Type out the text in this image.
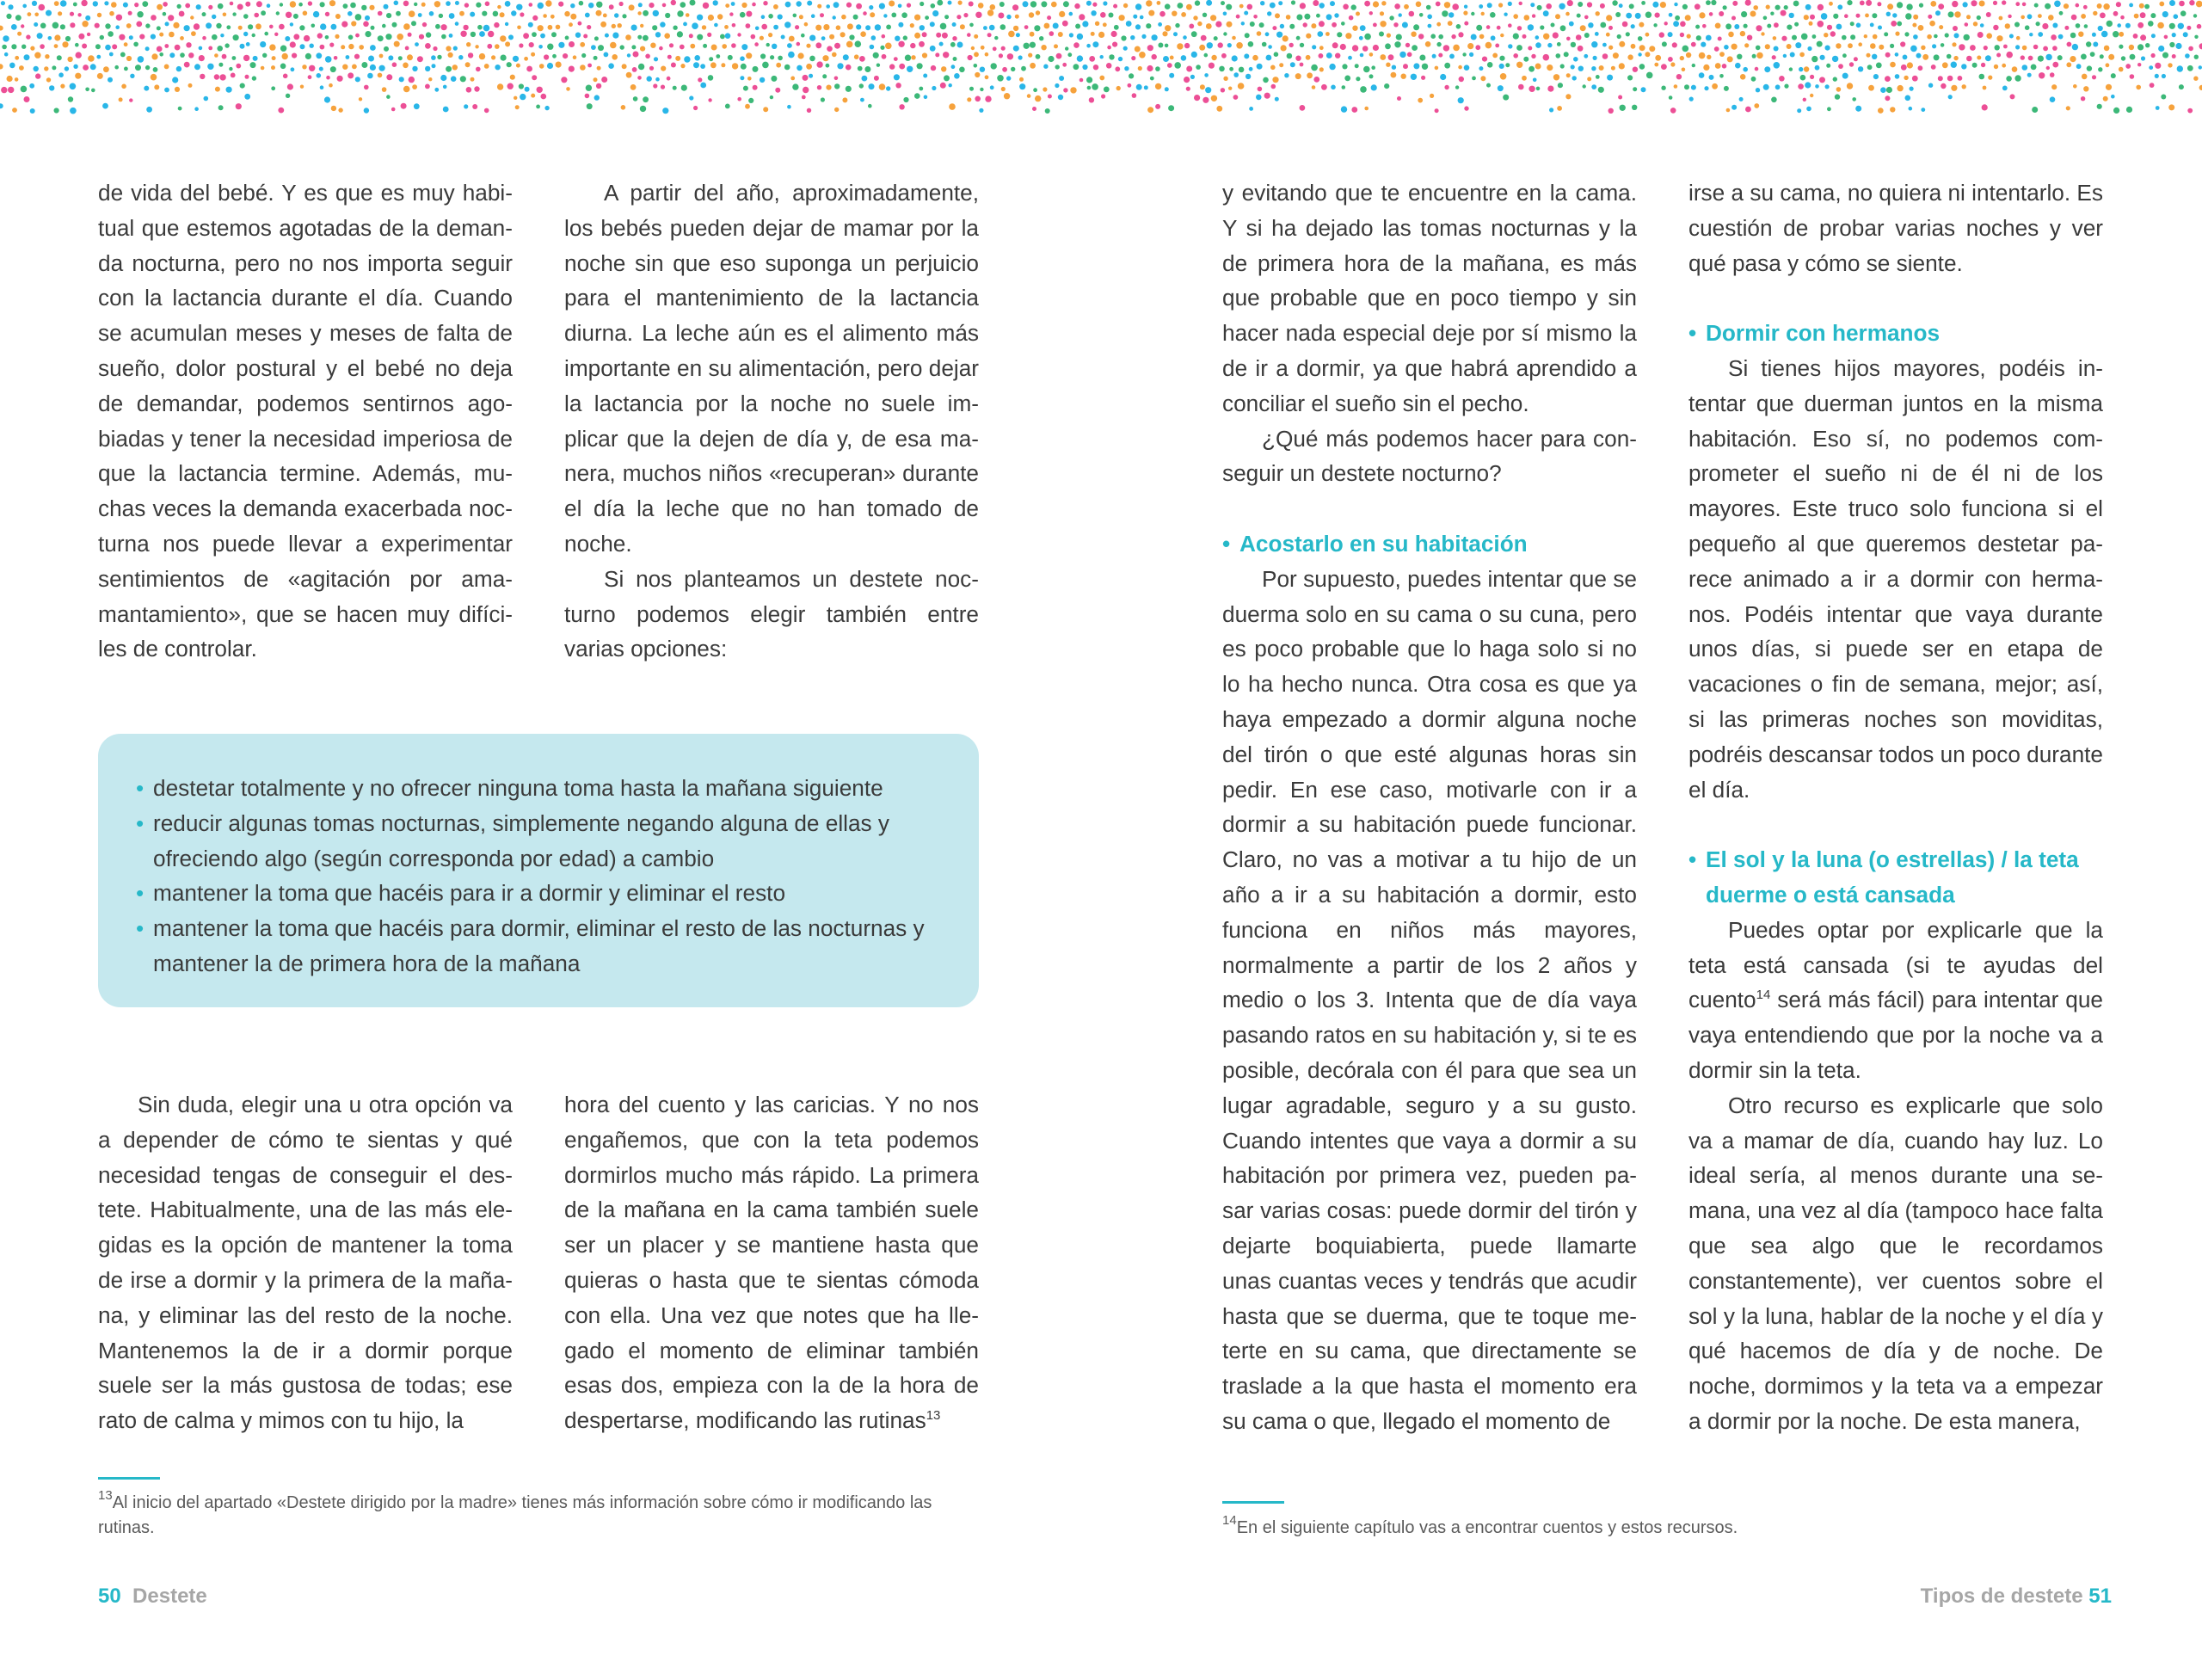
de vida del bebé. Y es que es muy habitual que estemos agotadas de la demanda nocturna, pero no nos importa seguir con la lactancia durante el día. Cuando se acumulan meses y meses de falta de sueño, dolor postural y el bebé no deja de demandar, podemos sentirnos agobiadas y tener la necesidad imperiosa de que la lactancia termine. Además, muchas veces la demanda exacerbada nocturna nos puede llevar a experimentar sentimientos de «agitación por amamantamiento», que se hacen muy difíciles de controlar.

A partir del año, aproximadamente, los bebés pueden dejar de mamar por la noche sin que eso suponga un perjuicio para el mantenimiento de la lactancia diurna. La leche aún es el alimento más importante en su alimentación, pero dejar la lactancia por la noche no suele implicar que la dejen de día y, de esa manera, muchos niños «recuperan» durante el día la leche que no han tomado de noche.

Si nos planteamos un destete nocturno podemos elegir también entre varias opciones:

• destetar totalmente y no ofrecer ninguna toma hasta la mañana siguiente
• reducir algunas tomas nocturnas, simplemente negando alguna de ellas y ofreciendo algo (según corresponda por edad) a cambio
• mantener la toma que hacéis para ir a dormir y eliminar el resto
• mantener la toma que hacéis para dormir, eliminar el resto de las nocturnas y mantener la de primera hora de la mañana

Sin duda, elegir una u otra opción va a depender de cómo te sientas y qué necesidad tengas de conseguir el destete. Habitualmente, una de las más elegidas es la opción de mantener la toma de irse a dormir y la primera de la mañana, y eliminar las del resto de la noche. Mantenemos la de ir a dormir porque suele ser la más gustosa de todas; ese rato de calma y mimos con tu hijo, la

hora del cuento y las caricias. Y no nos engañemos, que con la teta podemos dormirlos mucho más rápido. La primera de la mañana en la cama también suele ser un placer y se mantiene hasta que quieras o hasta que te sientas cómoda con ella. Una vez que notes que ha llegado el momento de eliminar también esas dos, empieza con la de la hora de despertarse, modificando las rutinas$^{13}$

$^{13}$Al inicio del apartado «Destete dirigido por la madre» tienes más información sobre cómo ir modificando las rutinas.
50 Destete

y evitando que te encuentre en la cama. Y si ha dejado las tomas nocturnas y la de primera hora de la mañana, es más que probable que en poco tiempo y sin hacer nada especial deje por sí mismo la de ir a dormir, ya que habrá aprendido a conciliar el sueño sin el pecho.

¿Qué más podemos hacer para conseguir un destete nocturno?

• Acostarlo en su habitación

Por supuesto, puedes intentar que se duerma solo en su cama o su cuna, pero es poco probable que lo haga solo si no lo ha hecho nunca. Otra cosa es que ya haya empezado a dormir alguna noche del tirón o que esté algunas horas sin pedir. En ese caso, motivarle con ir a dormir a su habitación puede funcionar. Claro, no vas a motivar a tu hijo de un año a ir a su habitación a dormir, esto funciona en niños más mayores, normalmente a partir de los 2 años y medio o los 3. Intenta que de día vaya pasando ratos en su habitación y, si te es posible, decórala con él para que sea un lugar agradable, seguro y a su gusto. Cuando intentes que vaya a dormir a su habitación por primera vez, pueden pasar varias cosas: puede dormir del tirón y dejarte boquiabierta, puede llamarte unas cuantas veces y tendrás que acudir hasta que se duerma, que te toque meterte en su cama, que directamente se traslade a la que hasta el momento era su cama o que, llegado el momento de

irse a su cama, no quiera ni intentarlo. Es cuestión de probar varias noches y ver qué pasa y cómo se siente.

• Dormir con hermanos

Si tienes hijos mayores, podéis intentar que duerman juntos en la misma habitación. Eso sí, no podemos comprometer el sueño ni de él ni de los mayores. Este truco solo funciona si el pequeño al que queremos destetar parece animado a ir a dormir con hermanos. Podéis intentar que vaya durante unos días, si puede ser en etapa de vacaciones o fin de semana, mejor; así, si las primeras noches son moviditas, podréis descansar todos un poco durante el día.

• El sol y la luna (o estrellas) / la teta duerme o está cansada

Puedes optar por explicarle que la teta está cansada (si te ayudas del cuento$^{14}$ será más fácil) para intentar que vaya entendiendo que por la noche va a dormir sin la teta.

Otro recurso es explicarle que solo va a mamar de día, cuando hay luz. Lo ideal sería, al menos durante una semana, una vez al día (tampoco hace falta que sea algo que le recordamos constantemente), ver cuentos sobre el sol y la luna, hablar de la noche y el día y qué hacemos de día y de noche. De noche, dormimos y la teta va a empezar a dormir por la noche. De esta manera,

$^{14}$En el siguiente capítulo vas a encontrar cuentos y estos recursos.
Tipos de destete 51
